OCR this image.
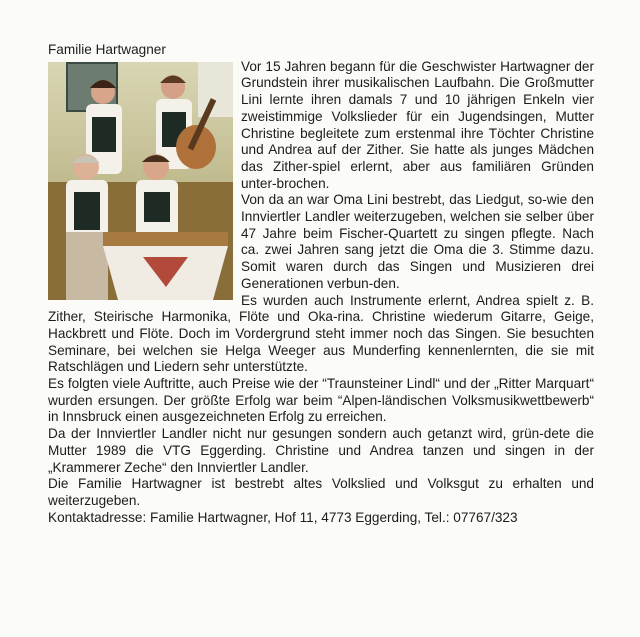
Familie Hartwagner

Vor 15 Jahren begann für die Geschwister Hartwagner der Grundstein ihrer musikalischen Laufbahn. Die Großmutter Lini lernte ihren damals 7 und 10 jährigen Enkeln vier zweistimmige Volkslieder für ein Jugendsingen, Mutter Christine begleitete zum erstenmal ihre Töchter Christine und Andrea auf der Zither. Sie hatte als junges Mädchen das Zither-spiel erlernt, aber aus familiären Gründen unter-brochen.

Von da an war Oma Lini bestrebt, das Liedgut, so-wie den Innviertler Landler weiterzugeben, welchen sie selber über 47 Jahre beim Fischer-Quartett zu singen pflegte. Nach ca. zwei Jahren sang jetzt die Oma die 3. Stimme dazu. Somit waren durch das Singen und Musizieren drei Generationen verbun-den.

Es wurden auch Instrumente erlernt, Andrea spielt z. B. Zither, Steirische Harmonika, Flöte und Oka-rina. Christine wiederum Gitarre, Geige, Hackbrett und Flöte. Doch im Vordergrund steht immer noch das Singen. Sie besuchten Seminare, bei welchen sie Helga Weeger aus Munderfing kennenlernten, die sie mit Ratschlägen und Liedern sehr unterstützte.

Es folgten viele Auftritte, auch Preise wie der “Traunsteiner Lindl“ und der „Ritter Marquart“ wurden ersungen. Der größte Erfolg war beim “Alpen-ländischen Volksmusikwettbewerb“ in Innsbruck einen ausgezeichneten Erfolg zu erreichen.

Da der Innviertler Landler nicht nur gesungen sondern auch getanzt wird, grün-dete die Mutter 1989 die VTG Eggerding. Christine und Andrea tanzen und singen in der „Krammerer Zeche“ den Innviertler Landler.

Die Familie Hartwagner ist bestrebt altes Volkslied und Volksgut zu erhalten und weiterzugeben.

Kontaktadresse: Familie Hartwagner, Hof 11, 4773 Eggerding, Tel.: 07767/323
